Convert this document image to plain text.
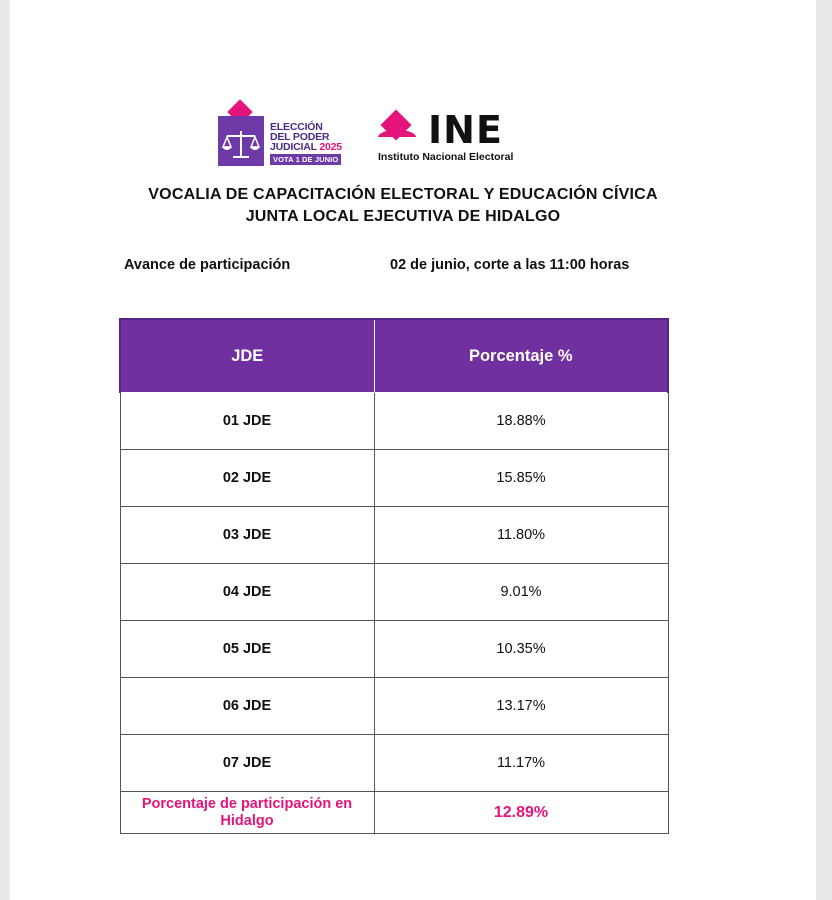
ELECCIÓN
DEL PODER
JUDICIAL 2025
VOTA 1 DE JUNIO
INE
Instituto Nacional Electoral
VOCALIA DE CAPACITACIÓN ELECTORAL Y EDUCACIÓN CÍVICA
JUNTA LOCAL EJECUTIVA DE HIDALGO
Avance de participación	02 de junio, corte a las 11:00 horas
JDE	Porcentaje %
01 JDE	18.88%
02 JDE	15.85%
03 JDE	11.80%
04 JDE	9.01%
05 JDE	10.35%
06 JDE	13.17%
07 JDE	11.17%
Porcentaje de participación en
Hidalgo	12.89%
